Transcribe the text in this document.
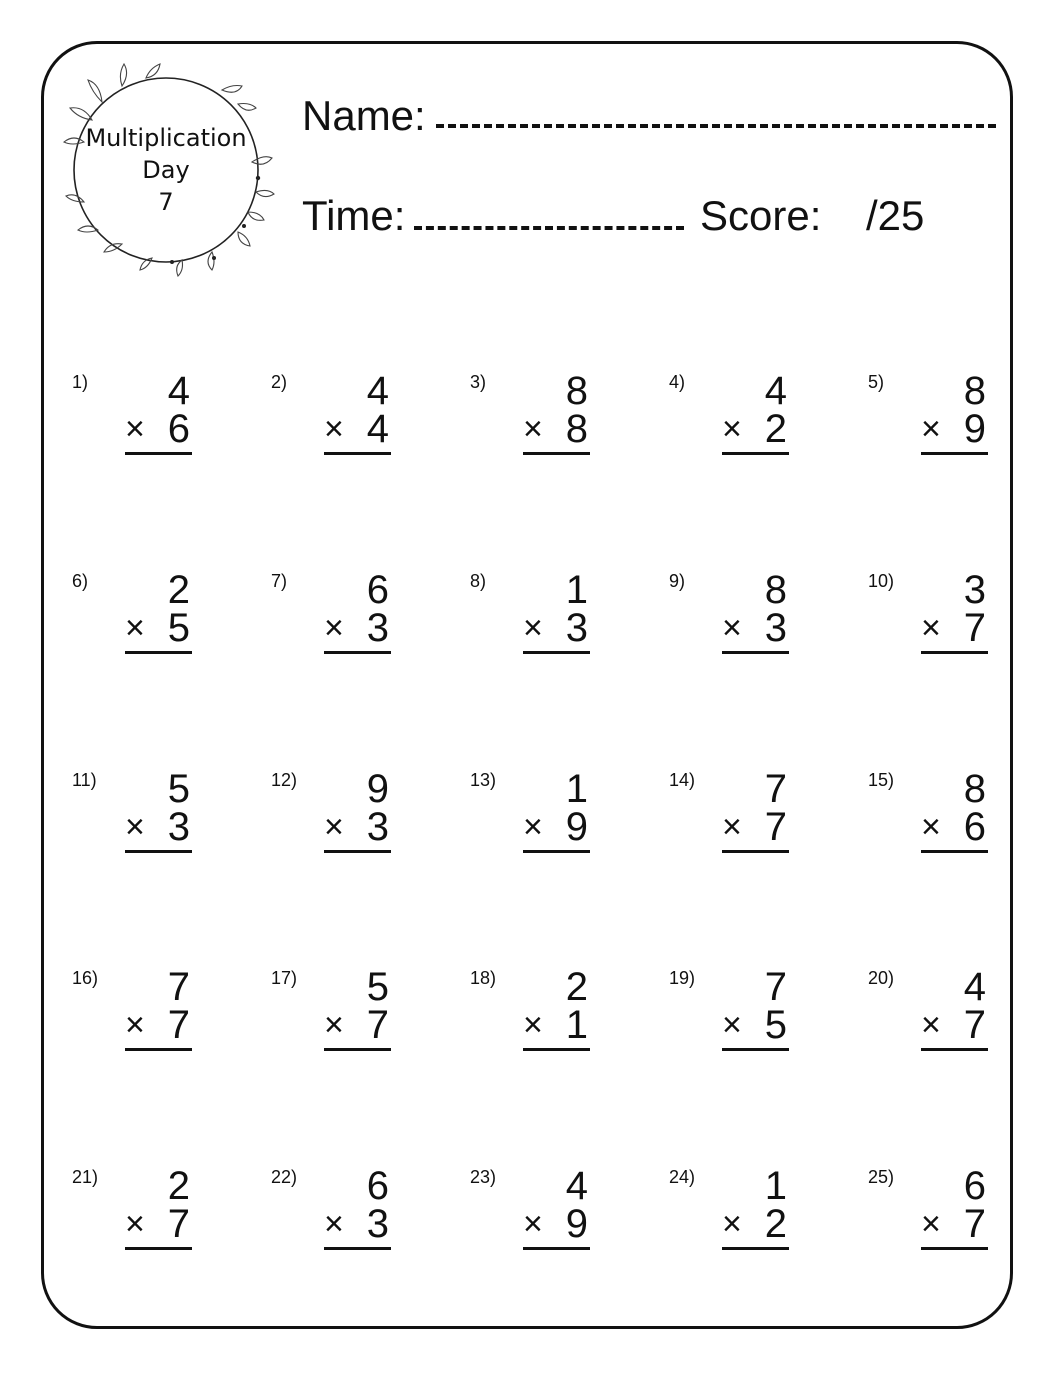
Multiplication
Day
7
Name:
Time:	Score: /25
1)	4
× 6
2)	4
× 4
3)	8
× 8
4)	4
× 2
5)	8
× 9
6)	2
× 5
7)	6
× 3
8)	1
× 3
9)	8
× 3
10)	3
× 7
11)	5
× 3
12)	9
× 3
13)	1
× 9
14)	7
× 7
15)	8
× 6
16)	7
× 7
17)	5
× 7
18)	2
× 1
19)	7
× 5
20)	4
× 7
21)	2
× 7
22)	6
× 3
23)	4
× 9
24)	1
× 2
25)	6
× 7
